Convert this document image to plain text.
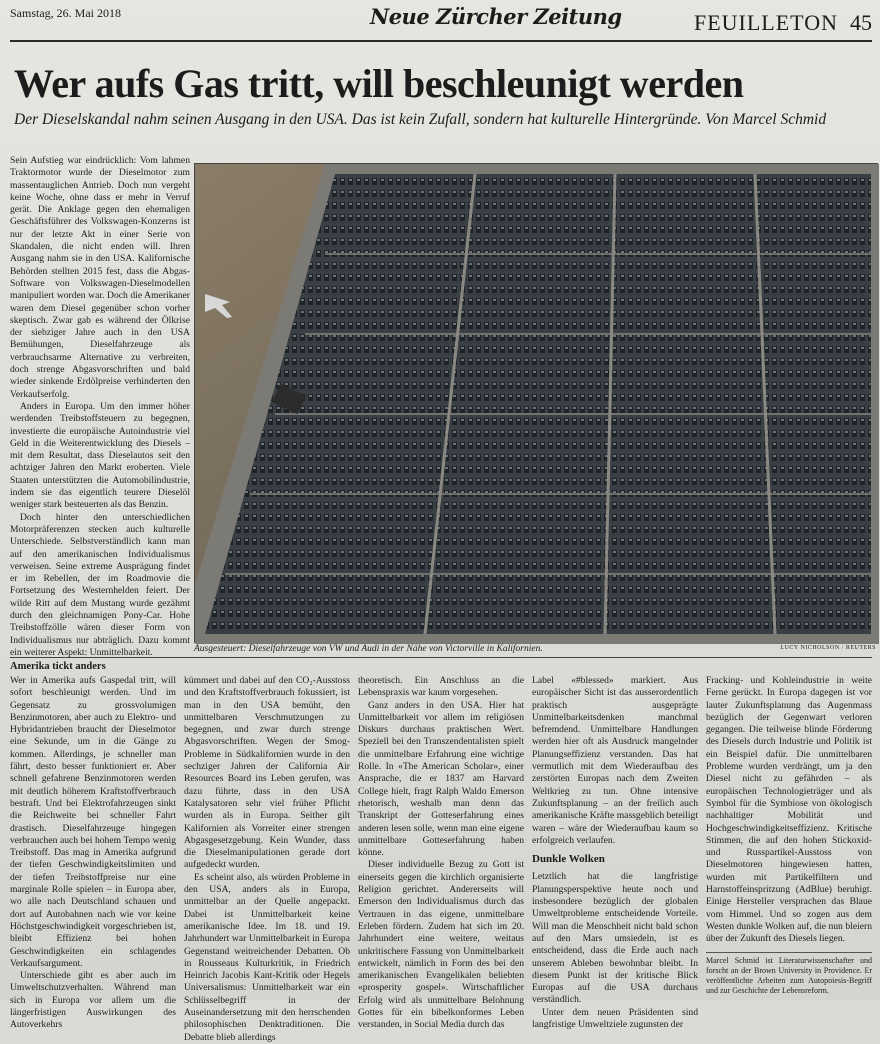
Samstag, 26. Mai 2018	Neue Zürcher Zeitung	FEUILLETON 45
Wer aufs Gas tritt, will beschleunigt werden
Der Dieselskandal nahm seinen Ausgang in den USA. Das ist kein Zufall, sondern hat kulturelle Hintergründe. Von Marcel Schmid

Sein Aufstieg war eindrücklich: Vom lahmen Traktormotor wurde der Dieselmotor zum massentauglichen Antrieb. Doch nun vergeht keine Woche, ohne dass er mehr in Verruf gerät. Die Anklage gegen den ehemaligen Geschäftsführer des Volkswagen-Konzerns ist nur der letzte Akt in einer Serie von Skandalen, die nicht enden will. Ihren Ausgang nahm sie in den USA. Kalifornische Behörden stellten 2015 fest, dass die Abgas-Software von Volkswagen-Dieselmodellen manipuliert worden war. Doch die Amerikaner waren dem Diesel gegenüber schon vorher skeptisch. Zwar gab es während der Ölkrise der siebziger Jahre auch in den USA Bemühungen, Dieselfahrzeuge als verbrauchsarme Alternative zu verbreiten, doch strenge Abgasvorschriften und bald wieder sinkende Erdölpreise verhinderten den Verkaufserfolg.

Anders in Europa. Um den immer höher werdenden Treibstoffsteuern zu begegnen, investierte die europäische Autoindustrie viel Geld in die Weiterentwicklung des Diesels – mit dem Resultat, dass Dieselautos seit den achtziger Jahren den Markt eroberten. Viele Staaten unterstützten die Automobilindustrie, indem sie das eigentlich teurere Dieselöl weniger stark besteuerten als das Benzin.

Doch hinter den unterschiedlichen Motorpräferenzen stecken auch kulturelle Unterschiede. Selbstverständlich kann man auf den amerikanischen Individualismus verweisen. Seine extreme Ausprägung findet er im Rebellen, der im Roadmovie die Fortsetzung des Westernhelden feiert. Der wilde Ritt auf dem Mustang wurde gezähmt durch den gleichnamigen Pony-Car. Hohe Treibstoffzölle wären dieser Form von Individualismus nur abträglich. Dazu kommt ein weiterer Aspekt: Unmittelbarkeit.	Ausgesteuert: Dieselfahrzeuge von VW und Audi in der Nähe von Victorville in Kalifornien.	LUCY NICHOLSON / REUTERS
Amerika tickt anders

Wer in Amerika aufs Gaspedal tritt, will sofort beschleunigt werden. Und im Gegensatz zu grossvolumigen Benzinmotoren, aber auch zu Elektro- und Hybridantrieben braucht der Dieselmotor eine Sekunde, um in die Gänge zu kommen. Allerdings, je schneller man fährt, desto besser funktioniert er. Aber schnell gefahrene Benzinmotoren werden mit deutlich höherem Kraftstoffverbrauch bestraft. Und bei Elektrofahrzeugen sinkt die Reichweite bei schneller Fahrt drastisch. Dieselfahrzeuge hingegen verbrauchen auch bei hohem Tempo wenig Treibstoff. Das mag in Amerika aufgrund der tiefen Geschwindigkeitslimiten und der tiefen Treibstoffpreise nur eine marginale Rolle spielen – in Europa aber, wo alle nach Deutschland schauen und dort auf Autobahnen nach wie vor keine Höchstgeschwindigkeit vorgeschrieben ist, bleibt Effizienz bei hohen Geschwindigkeiten ein schlagendes Verkaufsargument.

Unterschiede gibt es aber auch im Umweltschutzverhalten. Während man sich in Europa vor allem um die längerfristigen Auswirkungen des Autoverkehrs

kümmert und dabei auf den CO₂-Ausstoss und den Kraftstoffverbrauch fokussiert, ist man in den USA bemüht, den unmittelbaren Verschmutzungen zu begegnen, und zwar durch strenge Abgasvorschriften. Wegen der Smog-Probleme in Südkalifornien wurde in den sechziger Jahren der California Air Resources Board ins Leben gerufen, was dazu führte, dass in den USA Katalysatoren sehr viel früher Pflicht wurden als in Europa. Seither gilt Kalifornien als Vorreiter einer strengen Abgasgesetzgebung. Kein Wunder, dass die Dieselmanipulationen gerade dort aufgedeckt wurden.

Es scheint also, als würden Probleme in den USA, anders als in Europa, unmittelbar an der Quelle angepackt. Dabei ist Unmittelbarkeit keine amerikanische Idee. Im 18. und 19. Jahrhundert war Unmittelbarkeit in Europa Gegenstand weitreichender Debatten. Ob in Rousseaus Kulturkritik, in Friedrich Heinrich Jacobis Kant-Kritik oder Hegels Universalismus: Unmittelbarkeit war ein Schlüsselbegriff in der Auseinandersetzung mit den herrschenden philosophischen Denktraditionen. Die Debatte blieb allerdings

theoretisch. Ein Anschluss an die Lebenspraxis war kaum vorgesehen.

Ganz anders in den USA. Hier hat Unmittelbarkeit vor allem im religiösen Diskurs durchaus praktischen Wert. Speziell bei den Transzendentalisten spielt die unmittelbare Erfahrung eine wichtige Rolle. In «The American Scholar», einer Ansprache, die er 1837 am Harvard College hielt, fragt Ralph Waldo Emerson rhetorisch, weshalb man denn das Transkript der Gotteserfahrung eines anderen lesen solle, wenn man eine eigene unmittelbare Gotteserfahrung haben könne.

Dieser individuelle Bezug zu Gott ist einerseits gegen die kirchlich organisierte Religion gerichtet. Andererseits will Emerson den Individualismus durch das Vertrauen in das eigene, unmittelbare Erleben fördern. Zudem hat sich im 20. Jahrhundert eine weitere, weitaus unkritischere Fassung von Unmittelbarkeit entwickelt, nämlich in Form des bei den amerikanischen Evangelikalen beliebten «prosperity gospel». Wirtschaftlicher Erfolg wird als unmittelbare Belohnung Gottes für ein bibelkonformes Leben verstanden, in Social Media durch das

Label «#blessed» markiert. Aus europäischer Sicht ist das ausserordentlich praktisch ausgeprägte Unmittelbarkeitsdenken manchmal befremdend. Unmittelbare Handlungen werden hier oft als Ausdruck mangelnder Planungseffizienz verstanden. Das hat vermutlich mit dem Wiederaufbau des zerstörten Europas nach dem Zweiten Weltkrieg zu tun. Ohne intensive Zukunftsplanung – an der freilich auch amerikanische Kräfte massgeblich beteiligt waren – wäre der Wiederaufbau kaum so erfolgreich verlaufen.

Dunkle Wolken

Letztlich hat die langfristige Planungsperspektive heute noch und insbesondere bezüglich der globalen Umweltprobleme entscheidende Vorteile. Will man die Menschheit nicht bald schon auf den Mars umsiedeln, ist es entscheidend, dass die Erde auch nach unserem Ableben bewohnbar bleibt. In diesem Punkt ist der kritische Blick Europas auf die USA durchaus verständlich.

Unter dem neuen Präsidenten sind langfristige Umweltziele zugunsten der

Fracking- und Kohleindustrie in weite Ferne gerückt. In Europa dagegen ist vor lauter Zukunftsplanung das Augenmass bezüglich der Gegenwart verloren gegangen. Die teilweise blinde Förderung des Diesels durch Industrie und Politik ist ein Beispiel dafür. Die unmittelbaren Probleme wurden verdrängt, um ja den Diesel nicht zu gefährden – als europäischen Technologieträger und als Symbol für die Symbiose von ökologisch nachhaltiger Mobilität und Hochgeschwindigkeitseffizienz. Kritische Stimmen, die auf den hohen Stickoxid- und Russpartikel-Ausstoss von Dieselmotoren hingewiesen hatten, wurden mit Partikelfiltern und Harnstoffeinspritzung (AdBlue) beruhigt. Einige Hersteller versprachen das Blaue vom Himmel. Und so zogen aus dem Westen dunkle Wolken auf, die nun bleiern über der Zukunft des Diesels liegen.

Marcel Schmid ist Literaturwissenschafter und forscht an der Brown University in Providence. Er veröffentlichte Arbeiten zum Autopoiesis-Begriff und zur Geschichte der Lebensreform.
